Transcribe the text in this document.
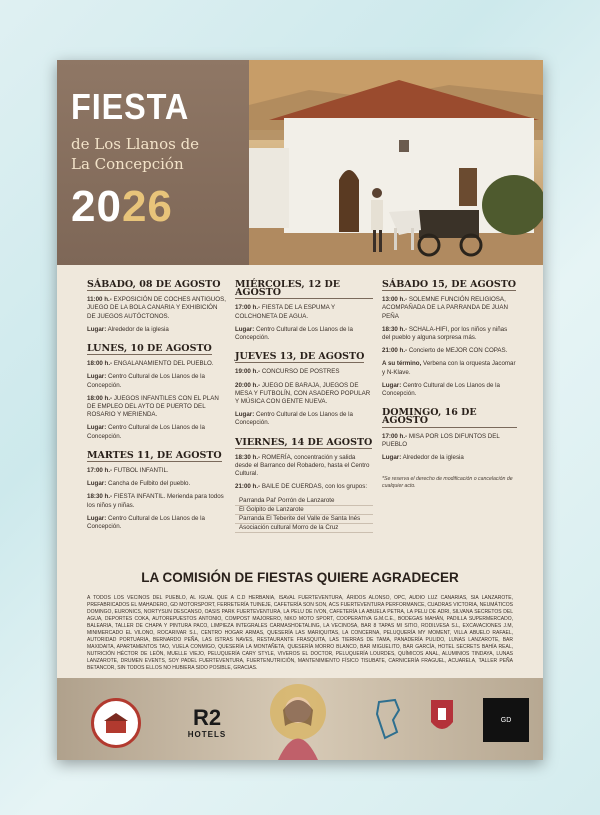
FIESTA
de Los Llanos de
La Concepción
2026
SÁBADO, 08 DE AGOSTO
11:00 h.- EXPOSICIÓN DE COCHES ANTIGUOS, JUEGO DE LA BOLA CANARIA Y EXHIBICIÓN DE JUEGOS AUTÓCTONOS.
Lugar: Alrededor de la iglesia
LUNES, 10 DE AGOSTO
18:00 h.- ENGALANAMIENTO DEL PUEBLO.
Lugar: Centro Cultural de Los Llanos de la Concepción.
18:00 h.- JUEGOS INFANTILES CON EL PLAN DE EMPLEO DEL AYTO DE PUERTO DEL ROSARIO Y MERIENDA.
Lugar: Centro Cultural de Los Llanos de la Concepción.
MARTES 11, DE AGOSTO
17:00 h.- FUTBOL INFANTIL.
Lugar: Cancha de Fulbito del pueblo.
18:30 h.- FIESTA INFANTIL. Merienda para todos los niños y niñas.
Lugar: Centro Cultural de Los Llanos de la Concepción.
MIÉRCOLES, 12 DE AGOSTO
17:00 h.- FIESTA DE LA ESPUMA Y COLCHONETA DE AGUA.
Lugar: Centro Cultural de Los Llanos de la Concepción.
JUEVES 13, DE AGOSTO
19:00 h.- CONCURSO DE POSTRES
20:00 h.- JUEGO DE BARAJA, JUEGOS DE MESA Y FUTBOLÍN, CON ASADERO POPULAR Y MÚSICA CON GENTE NUEVA.
Lugar: Centro Cultural de Los Llanos de la Concepción.
VIERNES, 14 DE AGOSTO
18:30 h.- ROMERÍA, concentración y salida desde el Barranco del Robadero, hasta el Centro Cultural.
21:00 h.- BAILE DE CUERDAS, con los grupos:
Parranda Pal' Porrón de Lanzarote
El Golpito de Lanzarote
Parranda El Teberite del Valle de Santa Inés
Asociación cultural Morro de la Cruz
SÁBADO 15, DE AGOSTO
13:00 h.- SOLEMNE FUNCIÓN RELIGIOSA, ACOMPAÑADA DE LA PARRANDA DE JUAN PEÑA
18:30 h.- SCHALA-HIFI, por los niños y niñas del pueblo y alguna sorpresa más.
21:00 h.- Concierto de MEJOR CON COPAS.
A su término, Verbena con la orquesta Jacomar y N-Klave.
Lugar: Centro Cultural de Los Llanos de la Concepción.
DOMINGO, 16 DE AGOSTO
17:00 h.- MISA POR LOS DIFUNTOS DEL PUEBLO
Lugar: Alrededor de la iglesia
*Se reserva el derecho de modificación o cancelación de cualquier acto.
LA COMISIÓN DE FIESTAS QUIERE AGRADECER
A TODOS LOS VECINOS DEL PUEBLO, AL IGUAL QUE A C.D HERBANIA, ISAVAL FUERTEVENTURA, ÁRIDOS ALONSO, OPC, AUDIO LUZ CANARIAS, SIA LANZAROTE, PREFABRICADOS EL MAHADERO, GD MOTORSPORT, FERRETERÍA TUINEJE, CAFETERÍA SON SON, ACS FUERTEVENTURA PERFORMANCE, CUADRAS VICTORIA, NEUMÁTICOS DOMINGO, EURONICS, NORTYSUN DESCANSO, OASIS PARK FUERTEVENTURA, LA PELU DE IVON, CAFETERÍA LA ABUELA PETRA, LA PELU DE ADRI, SILVANA SECRETOS DEL AGUA, DEPORTES COKA, AUTOREPUESTOS ANTONIO, COMPOST MAJORERO, NIKO MOTO SPORT, COOPERATIVA G.M.C.E., BODEGAS MAHÁN, PADILLA SUPERMERCADO, BALEARIA, TALLER DE CHAPA Y PINTURA PACO, LIMPIEZA INTEGRALES CARMASHOETALING, LA VECINOSA, BAR 8 TAPAS MI SITIO, RODILVESA S.L, EXCAVACIONES J.M, MINIMERCADO EL VILONO, ROCARIVAR S.L, CENTRO HOGAR ARMAS, QUESERÍA LAS MARIQUITAS, LA CONCERNA, PELUQUERÍA MY MOMENT, VILLA ABUELO RAFAEL, AUTORIDAD PORTUARIA, BERNARDO PEÑA, LAS ISTRAS NAVES, RESTAURANTE FRASQUITA, LAS TIERRAS DE TAMA, PANADERÍA PULIDO, LUNAS LANZAROTE, BAR MAXIDAITA, APARTAMENTOS TAO, VUELA CONMIGO, QUESERÍA LA MONTAÑETA, QUESERÍA MORRO BLANCO, BAR MIGUELITO, BAR GARCÍA, HOTEL SECRETS BAHÍA REAL, NUTRICIÓN HÉCTOR DE LEÓN, MUELLE VIEJO, PELUQUERÍA CARY STYLE, VIVEROS EL DOCTOR, PELUQUERÍA LOURDES, QUÍMICOS ANAL, ALUMINIOS TINDAYA, LUNAS LANZAROTE, DRUMEN EVENTS, SOY PADEL FUERTEVENTURA, FUERTENUTRICIÓN, MANTENIMIENTO FÍSICO TISUBATE, CARNICERÍA FRAGUEL, ACUARELA, TALLER PEÑA BETANCOR, SIN TODOS ELLOS NO HUBIERA SIDO POSIBLE, GRACIAS.
R2
HOTELS
GD
